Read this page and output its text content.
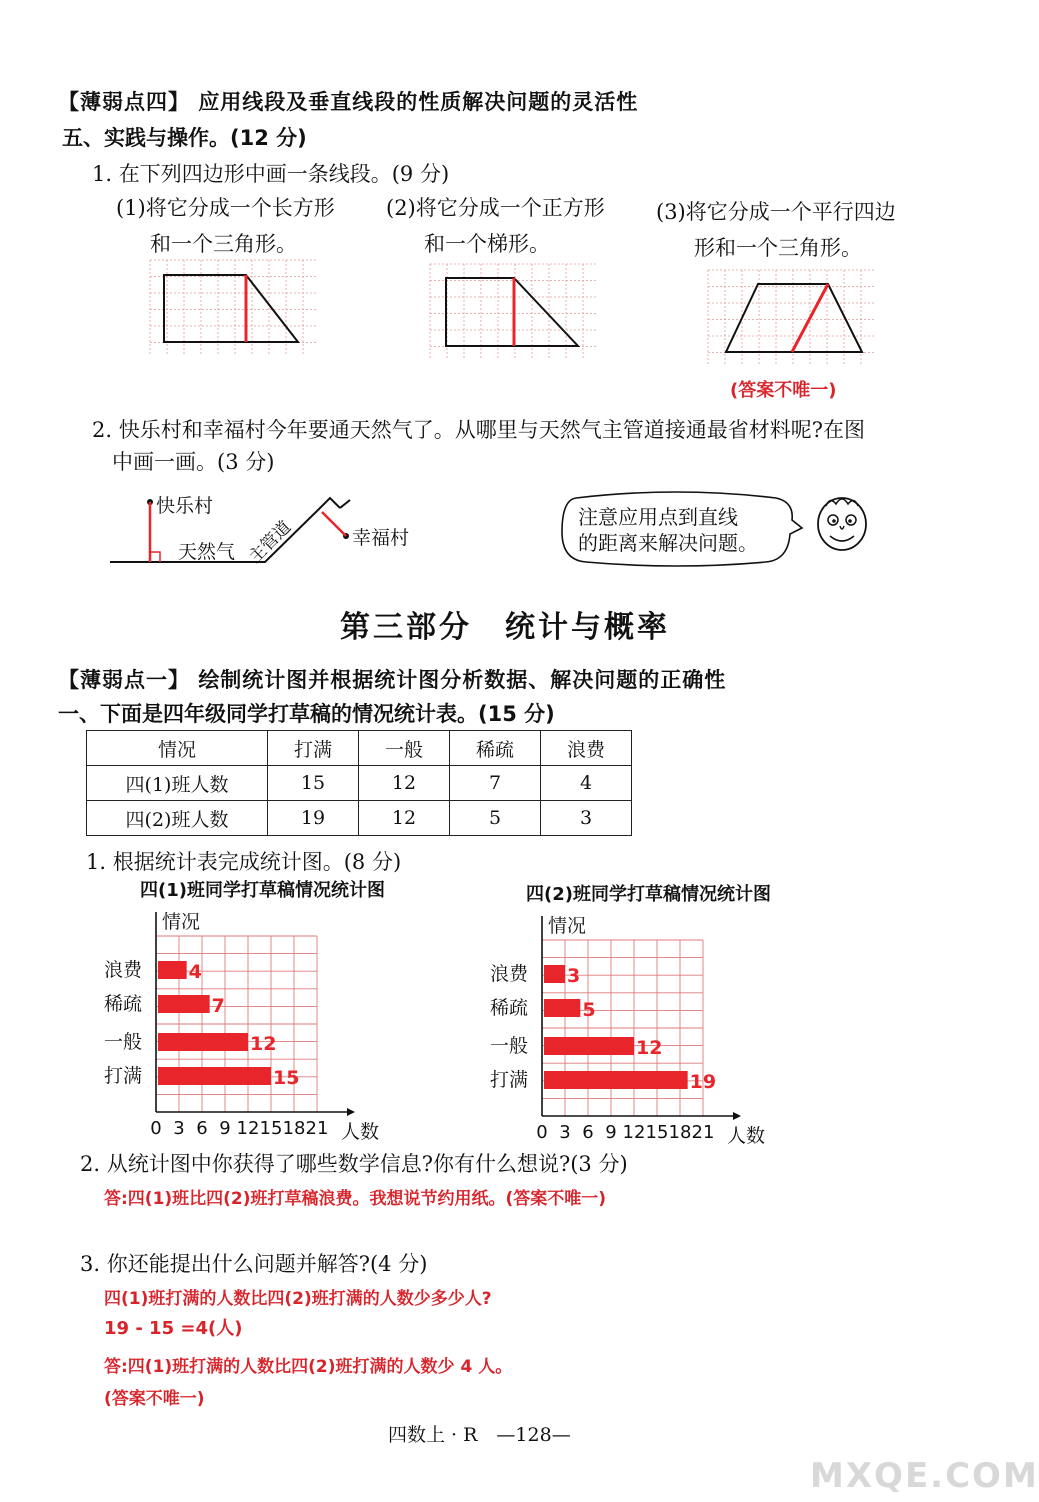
【薄弱点四】 应用线段及垂直线段的性质解决问题的灵活性
五、实践与操作。(12 分)
1. 在下列四边形中画一条线段。(9 分)
(1)将它分成一个长方形
和一个三角形。
(2)将它分成一个正方形
和一个梯形。
(3)将它分成一个平行四边
形和一个三角形。
(答案不唯一)
2. 快乐村和幸福村今年要通天然气了。从哪里与天然气主管道接通最省材料呢?在图
中画一画。(3 分)
快乐村
幸福村
天然气 主管道
注意应用点到直线
的距离来解决问题。
第三部分　统计与概率
【薄弱点一】 绘制统计图并根据统计图分析数据、解决问题的正确性
一、下面是四年级同学打草稿的情况统计表。(15 分)
情况	打满	一般	稀疏	浪费
四(1)班人数	15	12	7	4
四(2)班人数	19	12	5	3
1. 根据统计表完成统计图。(8 分)
四(1)班同学打草稿情况统计图
情况
0 3 6 9 12 15 18 21 人数
浪费 4
稀疏	7
一般	12
打满	15
四(2)班同学打草稿情况统计图
情况
0 3 6 9 12 15 18 21 人数
浪费 3
稀疏	5
一般	12
打满	19
2. 从统计图中你获得了哪些数学信息?你有什么想说?(3 分)
答:四(1)班比四(2)班打草稿浪费。我想说节约用纸。(答案不唯一)
3. 你还能提出什么问题并解答?(4 分)
四(1)班打满的人数比四(2)班打满的人数少多少人?
19 - 15 =4(人)
答:四(1)班打满的人数比四(2)班打满的人数少 4 人。
(答案不唯一)
四数上 · R　—128—
MXQE.COM
